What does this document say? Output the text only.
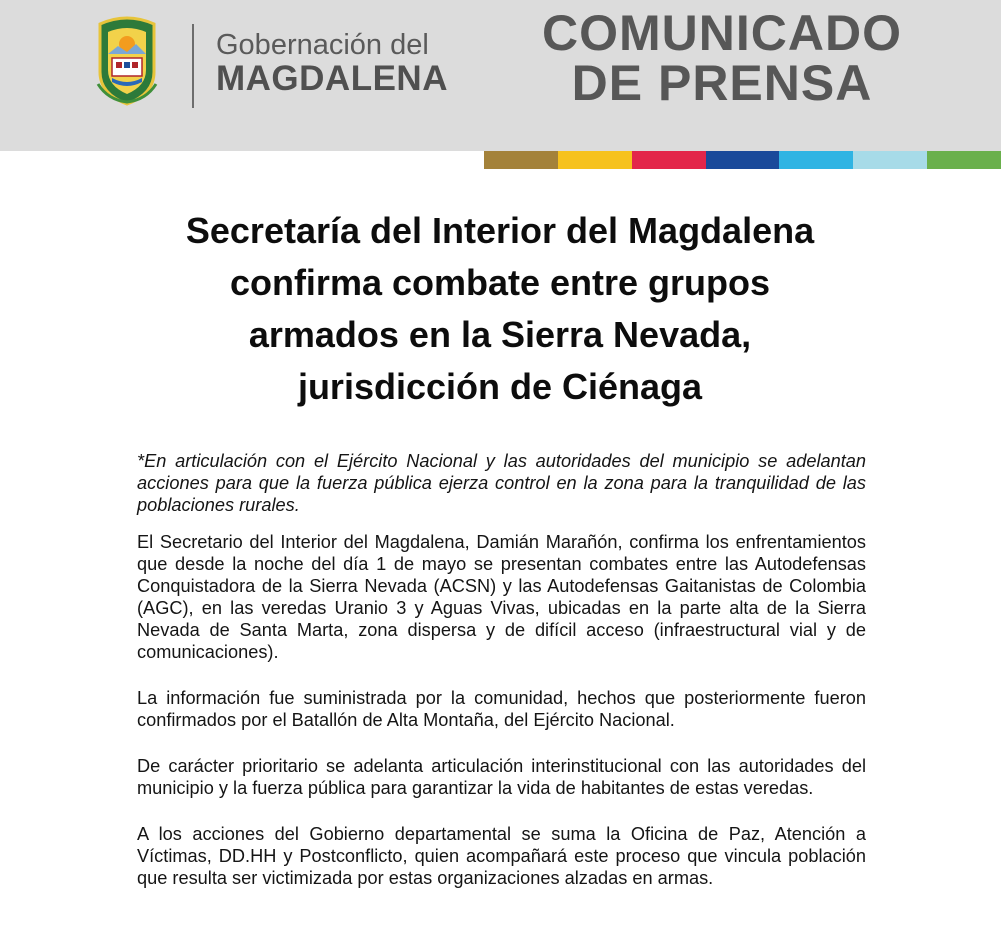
Gobernación del
MAGDALENA
COMUNICADO
DE PRENSA
Secretaría del Interior del Magdalena
confirma combate entre grupos
armados en la Sierra Nevada,
jurisdicción de Ciénaga

*En articulación con el Ejército Nacional y las autoridades del municipio se adelantan acciones para que la fuerza pública ejerza control en la zona para la tranquilidad de las poblaciones rurales.

El Secretario del Interior del Magdalena, Damián Marañón, confirma los enfrentamientos que desde la noche del día 1 de mayo se presentan combates entre las Autodefensas Conquistadora de la Sierra Nevada (ACSN) y las Autodefensas Gaitanistas de Colombia (AGC), en las veredas Uranio 3 y Aguas Vivas, ubicadas en la parte alta de la Sierra Nevada de Santa Marta, zona dispersa y de difícil acceso (infraestructural vial y de comunicaciones).

La información fue suministrada por la comunidad, hechos que posteriormente fueron confirmados por el Batallón de Alta Montaña, del Ejército Nacional.

De carácter prioritario se adelanta articulación interinstitucional con las autoridades del municipio y la fuerza pública para garantizar la vida de habitantes de estas veredas.

A los acciones del Gobierno departamental se suma la Oficina de Paz, Atención a Víctimas, DD.HH y Postconflicto, quien acompañará este proceso que vincula población que resulta ser victimizada por estas organizaciones alzadas en armas.
